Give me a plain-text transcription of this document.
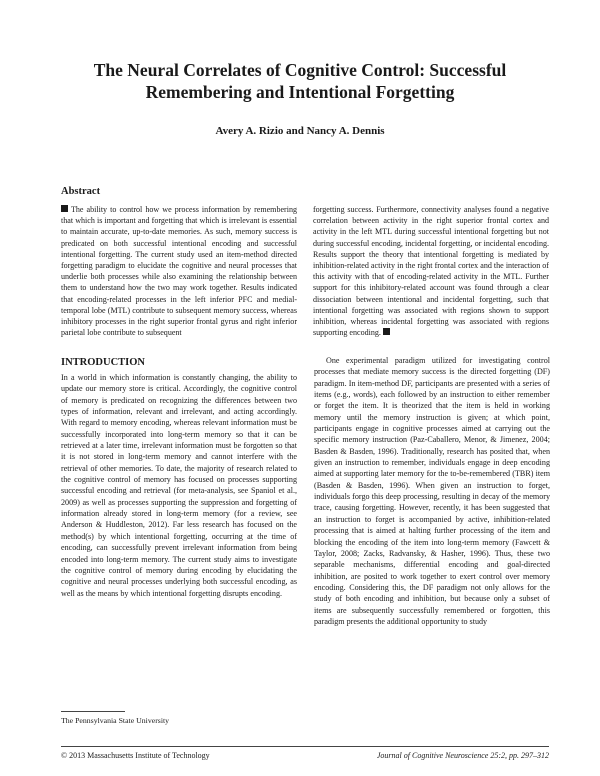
The Neural Correlates of Cognitive Control: Successful
Remembering and Intentional Forgetting
Avery A. Rizio and Nancy A. Dennis
Abstract
The ability to control how we process information by remembering that which is important and forgetting that which is irrelevant is essential to maintain accurate, up-to-date memories. As such, memory success is predicated on both successful intentional encoding and successful intentional forgetting. The current study used an item-method directed forgetting paradigm to elucidate the cognitive and neural processes that underlie both processes while also examining the relationship between them to understand how the two may work together. Results indicated that encoding-related processes in the left inferior PFC and medial-temporal lobe (MTL) contribute to subsequent memory success, whereas inhibitory processes in the right superior frontal gyrus and right inferior parietal lobe contribute to subsequent
forgetting success. Furthermore, connectivity analyses found a negative correlation between activity in the right superior frontal cortex and activity in the left MTL during successful intentional forgetting but not during successful encoding, incidental forgetting, or incidental encoding. Results support the theory that intentional forgetting is mediated by inhibition-related activity in the right frontal cortex and the interaction of this activity with that of encoding-related activity in the MTL. Further support for this inhibitory-related account was found through a clear dissociation between intentional and incidental forgetting, such that intentional forgetting was associated with regions shown to support inhibition, whereas incidental forgetting was associated with regions supporting encoding.
INTRODUCTION

In a world in which information is constantly changing, the ability to update our memory store is critical. Accordingly, the cognitive control of memory is predicated on recognizing the differences between two types of information, relevant and irrelevant, and acting accordingly. With regard to memory encoding, whereas relevant information must be successfully incorporated into long-term memory so that it can be retrieved at a later time, irrelevant information must be forgotten so that it is not stored in long-term memory and cannot interfere with the retrieval of other memories. To date, the majority of research related to the cognitive control of memory has focused on processes supporting successful encoding and retrieval (for meta-analysis, see Spaniol et al., 2009) as well as processes supporting the suppression and forgetting of information already stored in long-term memory (for a review, see Anderson & Huddleston, 2012). Far less research has focused on the method(s) by which intentional forgetting, occurring at the time of encoding, can successfully prevent irrelevant information from being encoded into long-term memory. The current study aims to investigate the cognitive control of memory during encoding by elucidating the cognitive and neural processes underlying both successful encoding, as well as the means by which intentional forgetting disrupts encoding.

One experimental paradigm utilized for investigating control processes that mediate memory success is the directed forgetting (DF) paradigm. In item-method DF, participants are presented with a series of items (e.g., words), each followed by an instruction to either remember or forget the item. It is theorized that the item is held in working memory until the memory instruction is given; at which point, participants engage in cognitive processes aimed at carrying out the specific memory instruction (Paz-Caballero, Menor, & Jimenez, 2004; Basden & Basden, 1996). Traditionally, research has posited that, when given an instruction to remember, individuals engage in deep encoding aimed at supporting later memory for the to-be-remembered (TBR) item (Basden & Basden, 1996). When given an instruction to forget, individuals forgo this deep processing, resulting in decay of the memory trace, causing forgetting. However, recently, it has been suggested that an instruction to forget is accompanied by active, inhibition-related processing that is aimed at halting further processing of the item and blocking the encoding of the item into long-term memory (Fawcett & Taylor, 2008; Zacks, Radvansky, & Hasher, 1996). Thus, these two separable mechanisms, differential encoding and goal-directed inhibition, are posited to work together to exert control over memory encoding. Considering this, the DF paradigm not only allows for the study of both encoding and inhibition, but because only a subset of items are subsequently successfully remembered or forgotten, this paradigm presents the additional opportunity to study

The Pennsylvania State University
© 2013 Massachusetts Institute of Technology	Journal of Cognitive Neuroscience 25:2, pp. 297–312
